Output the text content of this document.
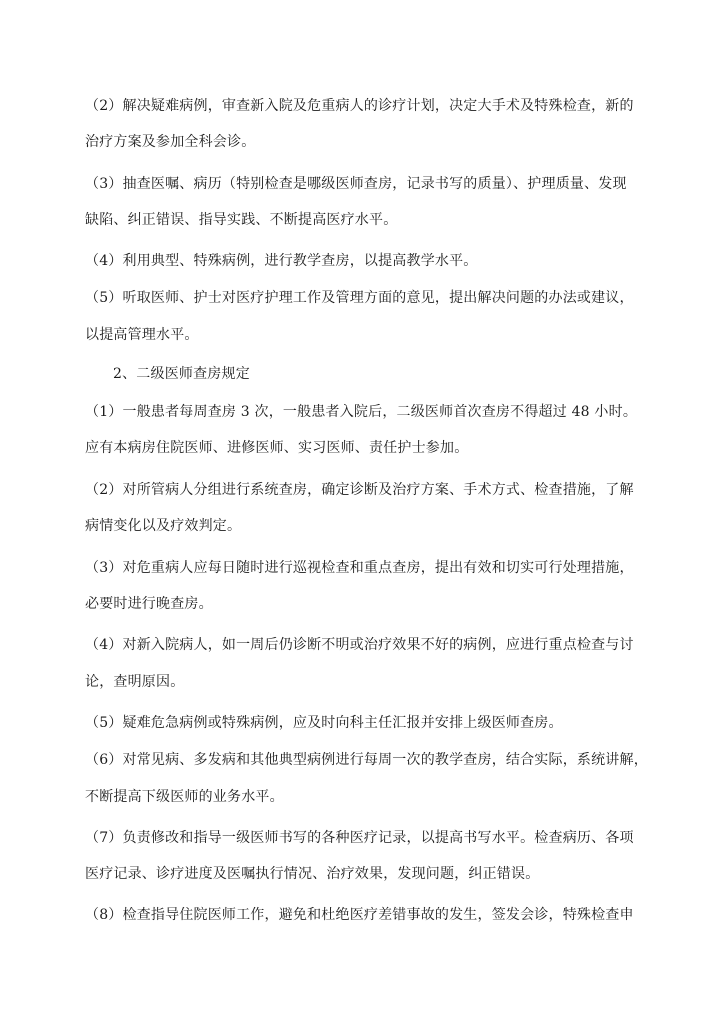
（2）解决疑难病例，审查新入院及危重病人的诊疗计划，决定大手术及特殊检查，新的
治疗方案及参加全科会诊。
（3）抽查医嘱、病历（特别检查是哪级医师查房，记录书写的质量）、护理质量、发现
缺陷、纠正错误、指导实践、不断提高医疗水平。
（4）利用典型、特殊病例，进行教学查房，以提高教学水平。
（5）听取医师、护士对医疗护理工作及管理方面的意见，提出解决问题的办法或建议，
以提高管理水平。
2、二级医师查房规定
（1）一般患者每周查房 3 次，一般患者入院后，二级医师首次查房不得超过 48 小时。
应有本病房住院医师、进修医师、实习医师、责任护士参加。
（2）对所管病人分组进行系统查房，确定诊断及治疗方案、手术方式、检查措施，了解
病情变化以及疗效判定。
（3）对危重病人应每日随时进行巡视检查和重点查房，提出有效和切实可行处理措施，
必要时进行晚查房。
（4）对新入院病人，如一周后仍诊断不明或治疗效果不好的病例，应进行重点检查与讨
论，查明原因。
（5）疑难危急病例或特殊病例，应及时向科主任汇报并安排上级医师查房。
（6）对常见病、多发病和其他典型病例进行每周一次的教学查房，结合实际，系统讲解，
不断提高下级医师的业务水平。
（7）负责修改和指导一级医师书写的各种医疗记录，以提高书写水平。检查病历、各项
医疗记录、诊疗进度及医嘱执行情况、治疗效果，发现问题，纠正错误。
（8）检查指导住院医师工作，避免和杜绝医疗差错事故的发生，签发会诊，特殊检查申
